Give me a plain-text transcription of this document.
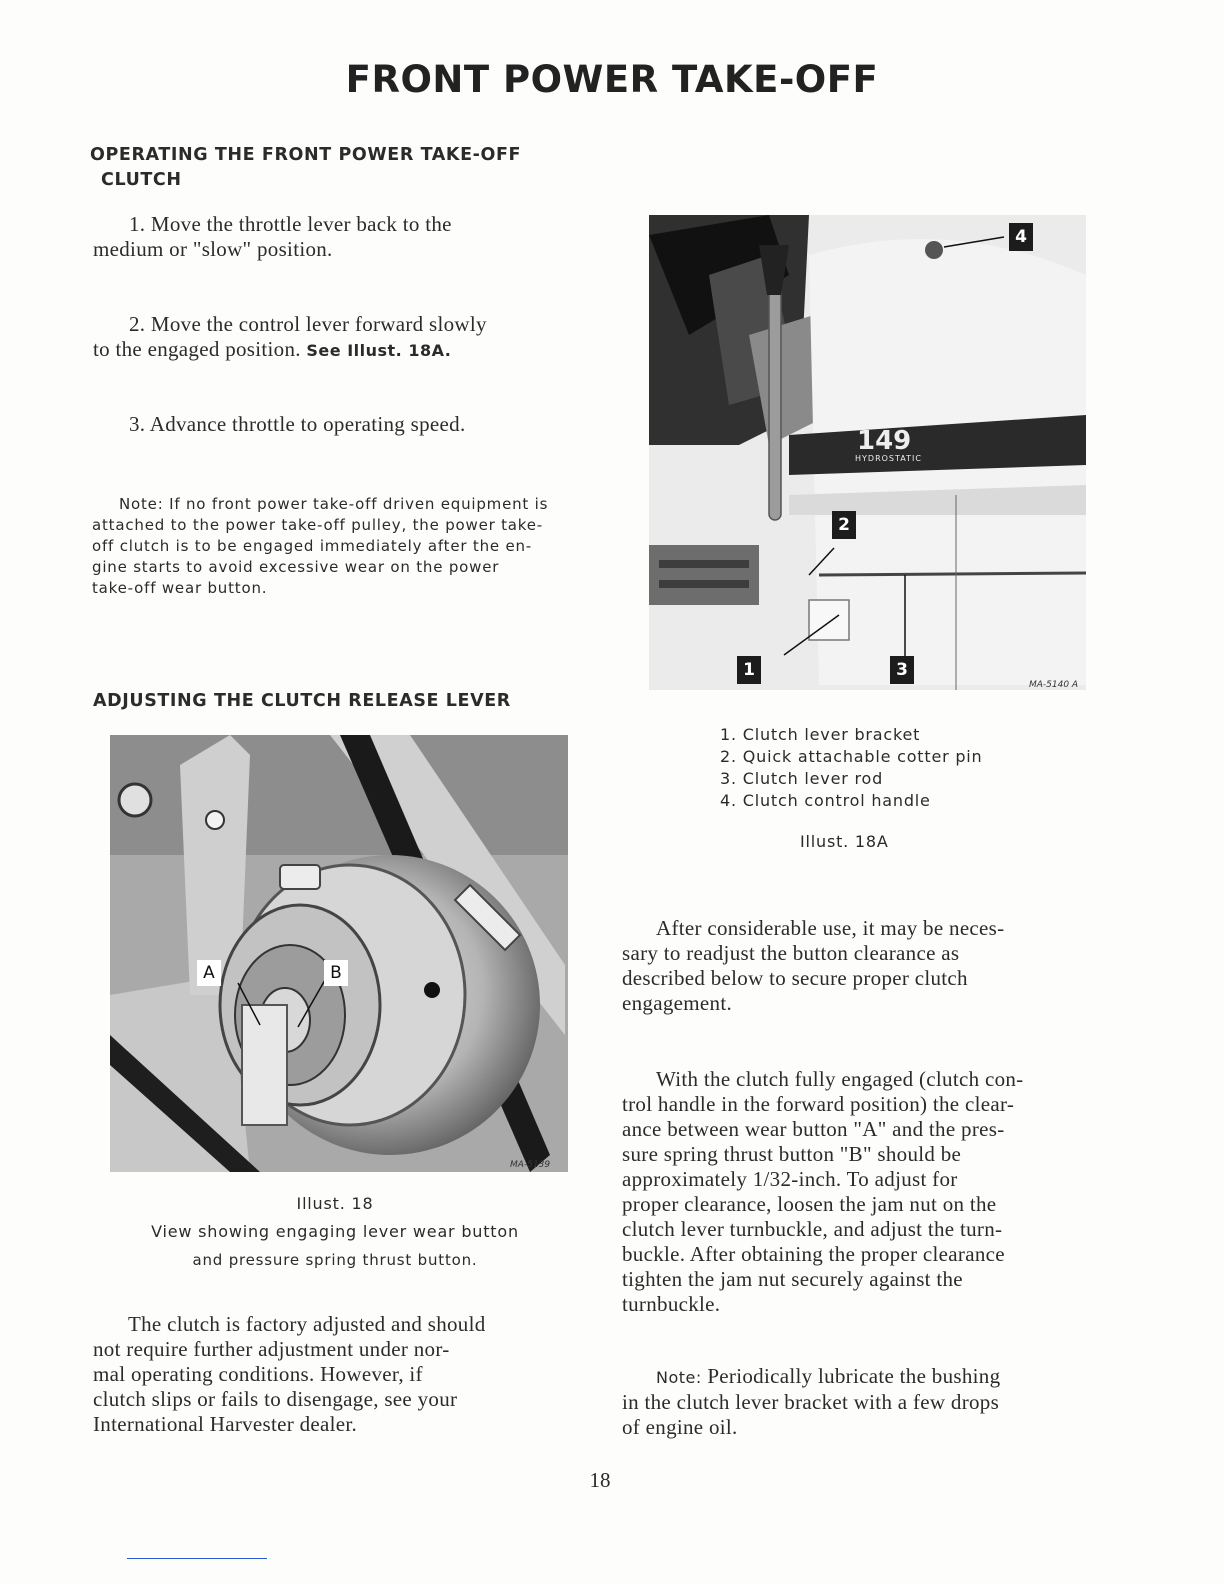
FRONT POWER TAKE-OFF
OPERATING THE FRONT POWER TAKE-OFF
CLUTCH
1. Move the throttle lever back to the
medium or "slow" position.
2. Move the control lever forward slowly
to the engaged position. See Illust. 18A.
3. Advance throttle to operating speed.
Note: If no front power take-off driven equipment is
attached to the power take-off pulley, the power take-
off clutch is to be engaged immediately after the en-
gine starts to avoid excessive wear on the power
take-off wear button.
ADJUSTING THE CLUTCH RELEASE LEVER
A	B
MA-5139
Illust. 18
View showing engaging lever wear button
and pressure spring thrust button.
The clutch is factory adjusted and should
not require further adjustment under nor-
mal operating conditions. However, if
clutch slips or fails to disengage, see your
International Harvester dealer.
149
HYDROSTATIC
4
2
1	3
MA-5140 A
1. Clutch lever bracket
2. Quick attachable cotter pin
3. Clutch lever rod
4. Clutch control handle
Illust. 18A
After considerable use, it may be neces-
sary to readjust the button clearance as
described below to secure proper clutch
engagement.
With the clutch fully engaged (clutch con-
trol handle in the forward position) the clear-
ance between wear button "A" and the pres-
sure spring thrust button "B" should be
approximately 1/32-inch. To adjust for
proper clearance, loosen the jam nut on the
clutch lever turnbuckle, and adjust the turn-
buckle. After obtaining the proper clearance
tighten the jam nut securely against the
turnbuckle.
Note: Periodically lubricate the bushing
in the clutch lever bracket with a few drops
of engine oil.
18
